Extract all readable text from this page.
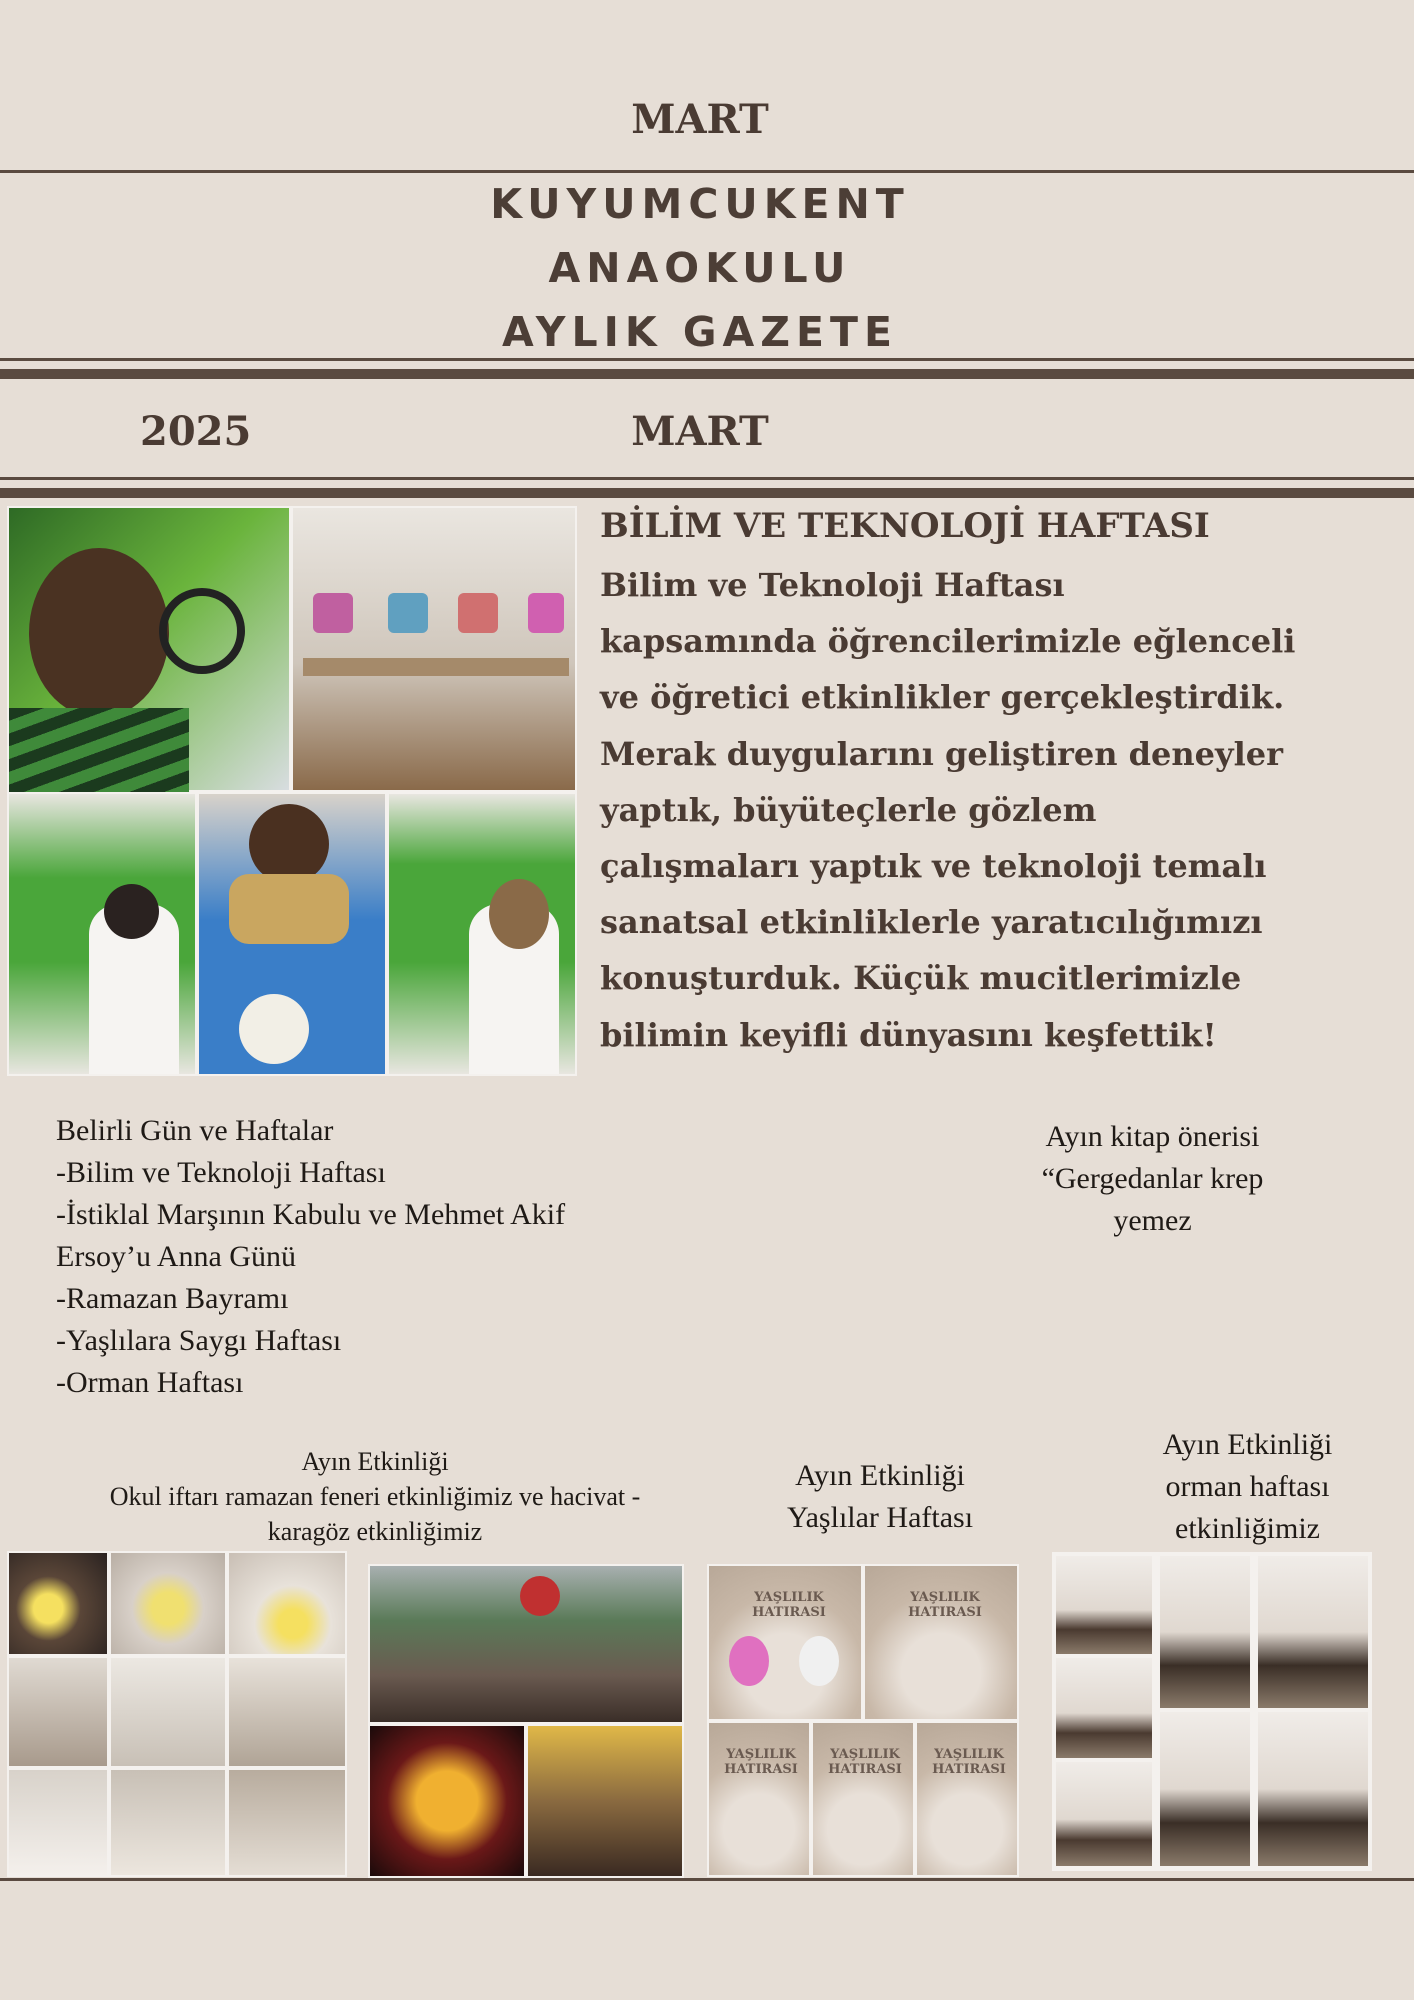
MART
KUYUMCUKENT
ANAOKULU
AYLIK GAZETE
2025	MART
BİLİM VE TEKNOLOJİ HAFTASI
Bilim ve Teknoloji Haftası
kapsamında öğrencilerimizle eğlenceli
ve öğretici etkinlikler gerçekleştirdik.
Merak duygularını geliştiren deneyler
yaptık, büyüteçlerle gözlem
çalışmaları yaptık ve teknoloji temalı
sanatsal etkinliklerle yaratıcılığımızı
konuşturduk. Küçük mucitlerimizle
bilimin keyifli dünyasını keşfettik!
Belirli Gün ve Haftalar
-Bilim ve Teknoloji Haftası
-İstiklal Marşının Kabulu ve Mehmet Akif
Ersoy’u Anna Günü
-Ramazan Bayramı
-Yaşlılara Saygı Haftası
-Orman Haftası
Ayın kitap önerisi
“Gergedanlar krep
yemez
Ayın Etkinliği
Okul iftarı ramazan feneri etkinliğimiz ve hacivat -
karagöz etkinliğimiz
Ayın Etkinliği
Yaşlılar Haftası
Ayın Etkinliği
orman haftası
etkinliğimiz
YAŞLILIK HATIRASI
YAŞLILIK HATIRASI
YAŞLILIK HATIRASI
YAŞLILIK HATIRASI
YAŞLILIK HATIRASI
